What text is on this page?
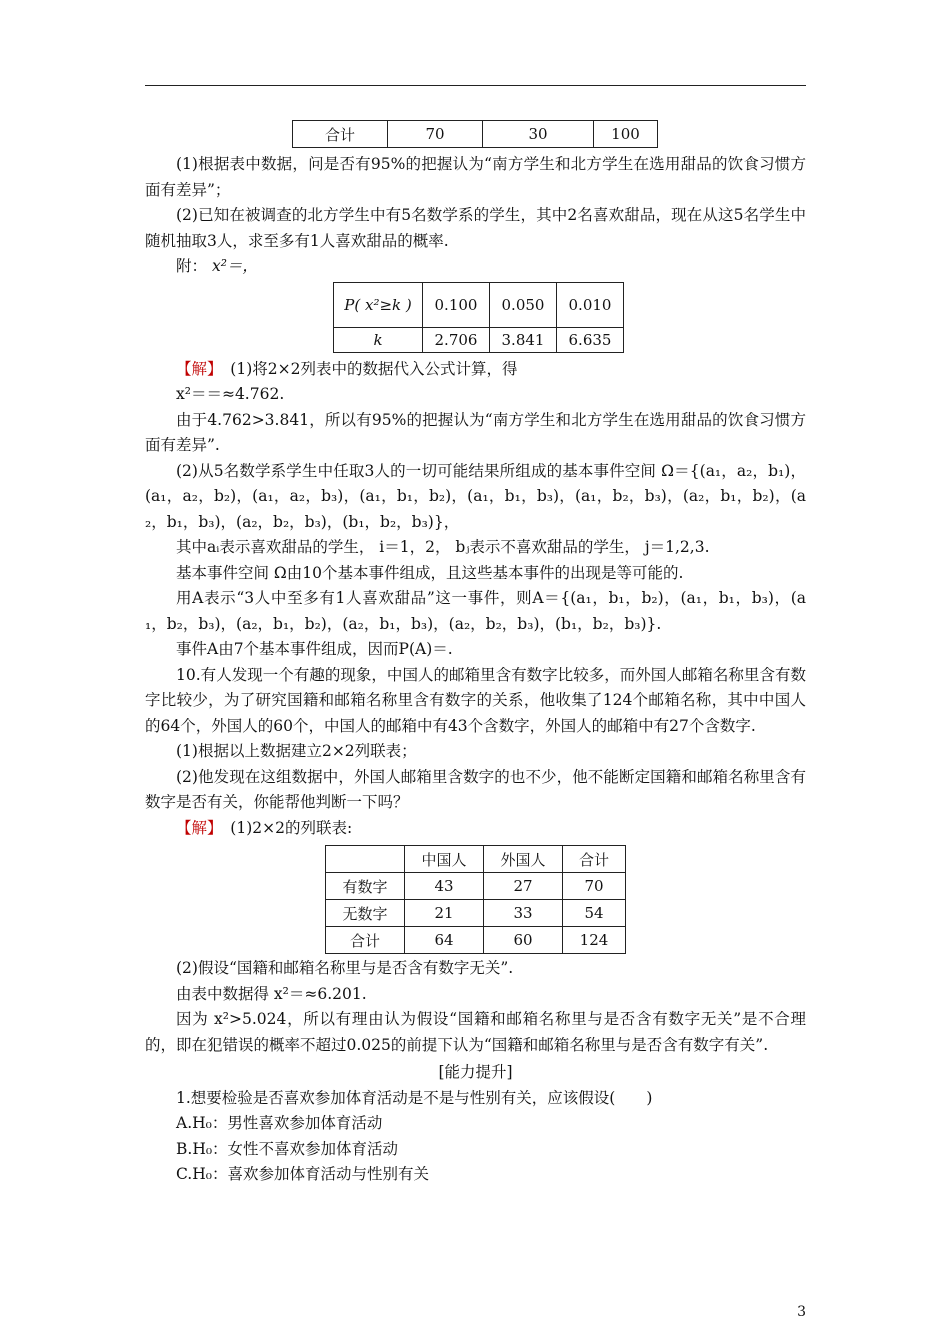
合计	70	30	100

(1)根据表中数据，问是否有95%的把握认为“南方学生和北方学生在选用甜品的饮食习惯方面有差异”；

(2)已知在被调查的北方学生中有5名数学系的学生，其中2名喜欢甜品，现在从这5名学生中随机抽取3人，求至多有1人喜欢甜品的概率.

附： x²＝，

P( x²≥k )	0.100	0.050	0.010
k	2.706	3.841	6.635

【解】　 (1)将2×2列表中的数据代入公式计算，得

x²＝＝≈4.762.

由于4.762>3.841，所以有95%的把握认为“南方学生和北方学生在选用甜品的饮食习惯方面有差异”.

(2)从5名数学系学生中任取3人的一切可能结果所组成的基本事件空间 Ω＝{(a₁，a₂，b₁)，(a₁，a₂，b₂)，(a₁，a₂，b₃)，(a₁，b₁，b₂)，(a₁，b₁，b₃)，(a₁，b₂，b₃)，(a₂，b₁，b₂)，(a ₂，b₁，b₃)，(a₂，b₂，b₃)，(b₁，b₂，b₃)}，

其中aᵢ表示喜欢甜品的学生， i＝1，2， bⱼ表示不喜欢甜品的学生， j＝1,2,3.

基本事件空间 Ω由10个基本事件组成，且这些基本事件的出现是等可能的.

用A表示“3人中至多有1人喜欢甜品”这一事件，则A＝{(a₁，b₁，b₂)，(a₁，b₁，b₃)，(a ₁，b₂，b₃)，(a₂，b₁，b₂)，(a₂，b₁，b₃)，(a₂，b₂，b₃)，(b₁，b₂，b₃)}.

事件A由7个基本事件组成，因而P(A)＝.

10.有人发现一个有趣的现象，中国人的邮箱里含有数字比较多，而外国人邮箱名称里含有数字比较少，为了研究国籍和邮箱名称里含有数字的关系，他收集了124个邮箱名称，其中中国人的64个，外国人的60个，中国人的邮箱中有43个含数字，外国人的邮箱中有27个含数字.

(1)根据以上数据建立2×2列联表；

(2)他发现在这组数据中，外国人邮箱里含数字的也不少，他不能断定国籍和邮箱名称里含有数字是否有关，你能帮他判断一下吗？

【解】　 (1)2×2的列联表:

	中国人	外国人	合计
有数字	43	27	70
无数字	21	33	54
合计	64	60	124

(2)假设“国籍和邮箱名称里与是否含有数字无关”.

由表中数据得 x²＝≈6.201.

因为 x²>5.024，所以有理由认为假设“国籍和邮箱名称里与是否含有数字无关”是不合理的，即在犯错误的概率不超过0.025的前提下认为“国籍和邮箱名称里与是否含有数字有关”.

[能力提升]

1.想要检验是否喜欢参加体育活动是不是与性别有关，应该假设(　　)

A.H₀：男性喜欢参加体育活动

B.H₀：女性不喜欢参加体育活动

C.H₀：喜欢参加体育活动与性别有关

3
